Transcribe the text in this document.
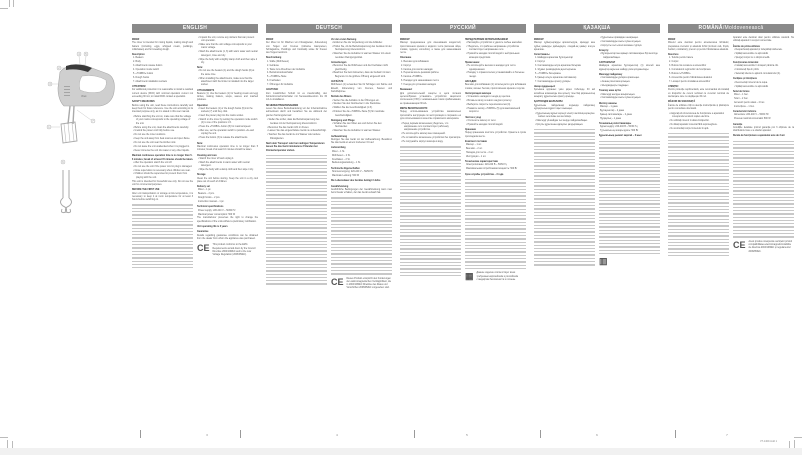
4 5
2
3
7
1
6
Vitek
ENGLISH
MIXER
The mixer is intended for mixing liquids, making dough and batters (including, eggs, whipped cream, puddings, milkshakes) and for kneading dough.
Description
1. Beaters
2. Body
3. Attachment release button
4. Operation mode switch
5. «TURBO» button
6. Dough hooks
7. Attachment installation sockets
ATTENTION!
For additional protection it is reasonable to install a residual current device (RCD) with nominal operation current not exceeding 30 mA; to install RCD contact a specialist.
SAFETY MEASURES
Before using the unit, read these instructions carefully and keep them for future reference. Use the unit according to its intended purpose only, as it is stated in this user manual.
• Before switching the unit on, make sure that the voltage of your mains corresponds to the operating voltage of the unit.
• Before using the unit, clean the attachments carefully.
• Unwind the power cord fully before use.
• Do not use the mixer outdoors.
• Keep the unit away from heat sources and open flame.
• Do not use the unit near the kitchen sink.
• Do not leave the unit unattended when it is plugged in.
• Never immerse the unit into water or any other liquids.
Maximal continuous operation time is no longer than 5-6 minutes; break of at least 15 minutes should be taken.
• After the operation switch the unit off.
• Do not use the unit if the power cord or plug is damaged.
• Close supervision is necessary when children are near.
• Children should be supervised to prevent them from playing with the unit.
This unit is intended for household use only. Do not use the unit for commercial purposes.
BEFORE THE FIRST USE
After unit transportation or storage at low temperature, it is necessary to keep it at room temperature for at least 3 hours before switching on.
• Unpack the unit, remove any stickers that can prevent unit operation.
• Make sure that the unit voltage corresponds to your mains voltage.
• Wash the attachments (1, 6) with warm water and neutral detergent, rinse and dry.
• Wipe the body with a slightly damp cloth and then wipe it dry.
Note:
• Do not use the beaters (1) and the dough hooks (6) at the same time.
• When installing the attachments, make sure that the attachment with the limiter is installed into the larger socket.
ATTACHMENTS
Beaters (1): Use the beaters (1) for beating cream and egg whites, making batters, soups, sauces and mashed potatoes.
Operation
• Insert the beaters (1) or the dough hooks (6) into the sockets (7) until they click.
• Insert the power plug into the mains socket.
• Switch on the mixer by setting the operation mode switch (4) to one of the positions 1-5.
• Press the «TURBO» button (5) for maximal speed.
• After use, set the operation switch to position «0» and unplug the unit.
• Press the button (3) to release the attachments.
Note:
Maximal continuous operation time is no longer than 5 minutes; break of at least 10 minutes should be taken.
Cleaning and care
• Switch the mixer off and unplug it.
• Wash the attachments in warm water with neutral detergent.
• Wipe the body with a damp cloth and then wipe it dry.
Storage
Clean the unit before storing. Keep the unit in a dry cool place out of reach of children.
Delivery set
Mixer – 1 pc.
Beaters – 2 pcs.
Dough hooks – 2 pcs.
Instruction manual – 1 pc.
Technical specifications
Power supply: 220-240 V ~ 50/60 Hz
Maximal power consumption: 500 W
The manufacturer preserves the right to change the specifications of the units without a preliminary notification.
Unit operating life is 3 years
Guarantee
Details regarding guarantee conditions can be obtained from the dealer from whom the appliance was purchased.
CE This product conforms to the EMC-Requirements as laid down by the Council Directive 2004/108/EC and to the Low Voltage Regulation (2006/95/EC).
DEUTSCH
MIXER
Der Mixer ist für Mischen von Flüssigkeiten, Zubereitung von Teigen und Cremes (inklusive Eierspeisen, Schlagsahne, Puddings und Cocktails) sowie für Kneten des Teiges bestimmt.
Beschreibung
1. Stäbe (Rührbesen)
2. Gehäuse
3. Taste zum Abnehmen der Aufsätze
4. Betriebsmodusschalter
5. «TURBO»-Taste
6. Knethaken
7. Öffnungen für Aufsätze
ACHTUNG!
Zum zusätzlichen Schutz ist es zweckmäßig, den Fehlerstromschutzschalter mit Nennauslösestrom bis 30 mA zu installieren.
SICHERHEITSMASSNAHMEN
Lesen Sie diese Betriebsanleitung vor der Inbetriebnahme aufmerksam durch und bewahren Sie sie während der ganzen Nutzungszeit auf.
• Stellen Sie sicher, dass die Betriebsspannung des Gerätes mit der Netzspannung übereinstimmt.
• Benutzen Sie das Gerät nicht im Freien.
• Lassen Sie das eingeschaltete Gerät nie unbeaufsichtigt.
• Tauchen Sie das Gerät nie ins Wasser oder andere Flüssigkeiten.
Nach dem Transport oder bei niedrigen Temperaturen lassen Sie das Gerät mindestens 3 Stunden bei Zimmertemperatur stehen.
Vor der ersten Nutzung
• Entfernen Sie die Verpackung und die Aufkleber.
• Prüfen Sie, ob die Betriebsspannung des Gerätes mit der Netzspannung übereinstimmt.
• Waschen Sie die Aufsätze im warmen Wasser mit einem neutralen Reinigungsmittel.
Anmerkungen
• Benutzen Sie die Rührbesen und die Knethaken nicht gleichzeitig.
• Beachten Sie beim Einsetzen, dass der Aufsatz mit dem Begrenzer in die größere Öffnung eingesetzt wird.
AUFSÄTZE
Rührbesen (1) verwenden Sie für Schlagen von Sahne und Eiweiß, Zubereitung von Cremes, Saucen und Kartoffelpüree.
Betrieb des Mixers
• Setzen Sie die Aufsätze in die Öffnungen ein.
• Stecken Sie den Netzstecker in die Steckdose.
• Wählen Sie die Geschwindigkeit (1-5).
• Drücken Sie die «TURBO»-Taste (5) für maximale Geschwindigkeit.
Reinigung und Pflege
• Schalten Sie den Mixer aus und ziehen Sie den Netzstecker.
• Waschen Sie die Aufsätze im warmen Wasser.
Aufbewahrung
Reinigen Sie das Gerät vor der Aufbewahrung. Bewahren Sie das Gerät an einem trockenen Ort auf.
Lieferumfang
Mixer – 1 St.
Rührbesen – 2 St.
Knethaken – 2 St.
Bedienungsanleitung – 1 St.
Technische Eigenschaften
Stromversorgung: 220-240 V ~ 50/60 Hz
Maximale Leistung: 500 W
Die Lebensdauer des Gerätes beträgt 3 Jahre
Gewährleistung
Ausführliche Bedingungen der Gewährleistung kann man beim Dealer erhalten, der das Gerät verkauft hat.
CE Dieses Produkt entspricht den Forderungen der elektromagnetischen Verträglichkeit, die in 2004/108/EC Direktive des Rates und Vorschriften 2006/95/EC vorgesehen sind.
РУССКИЙ
МИКСЕР
Миксер предназначен для смешивания жидкостей, приготовления кремов и жидкого теста (включая яйца, сливки, пудинги, коктейли), а также для замешивания теста.
Описание
1. Венчики для взбивания
2. Корпус
3. Кнопка для снятия насадок
4. Переключатель режимов работы
5. Кнопка «TURBO»
6. Насадки для замешивания теста
7. Гнезда для установки насадок
Внимание!
Для дополнительной защиты в цепи питания целесообразно установить устройство защитного отключения (УЗО) с номинальным током срабатывания, не превышающим 30 мА.
МЕРЫ БЕЗОПАСНОСТИ
Перед использованием устройства внимательно прочитайте инструкцию по эксплуатации и сохраните её для использования в качестве справочного материала.
• Перед первым включением убедитесь, что напряжение сети соответствует рабочему напряжению устройства.
• Не используйте миксер вне помещений.
• Не оставляйте включённое устройство без присмотра.
• Не погружайте корпус миксера в воду.
ПЕРЕД ПЕРВЫМ ИСПОЛЬЗОВАНИЕМ
• Распакуйте устройство и удалите любые наклейки.
• Убедитесь, что рабочее напряжение устройства соответствует напряжению сети.
• Промойте насадки тёплой водой с нейтральным моющим средством.
Примечание:
• Не используйте венчики и насадки для теста одновременно.
• Насадку с ограничителем устанавливайте в большее гнездо.
НАСАДКИ
Венчики для взбивания (1) используются для взбивания сливок, яичных белков, приготовления кремов и соусов.
Эксплуатация миксера
• Установите насадки в гнезда до щелчка.
• Вставьте вилку сетевого шнура в розетку.
• Выберите скорость переключателем (4).
• Нажмите кнопку «TURBO» (5) для максимальной скорости.
Чистка и уход
• Отключите миксер от сети.
• Промойте насадки тёплой водой.
Хранение
Перед хранением очистите устройство. Храните в сухом прохладном месте.
Комплект поставки
Миксер – 1 шт.
Венчики – 2 шт.
Насадки для теста – 2 шт.
Инструкция – 1 шт.
Технические характеристики
Электропитание: 220-240 В ~ 50/60 Гц
Максимальная потребляемая мощность: 500 Вт
Срок службы устройства – 3 года
▦ Данное изделие соответствует всем требуемым европейским и российским стандартам безопасности и гигиены.
ҚАЗАҚША
МИКСЕР
Миксер сұйықтықтарды араластыруға, кремдер мен сұйық қамырды дайындауға, сондай-ақ қамыр илеуге арналған.
Сипаттамасы
1. Шайқауға арналған бұлғауыштар
2. Корпус
3. Саптамаларды алуға арналған батырма
4. Жұмыс режимдерінің ауыстырғышы
5. «TURBO» батырмасы
6. Қамыр илеуге арналған саптамалар
7. Саптамаларды орнату ұялары
Назар аударыңыз!
Қосымша қорғаныс үшін қорек тізбегінде 30 мА аспайтын номиналды іске қосылу тоғы бар қорғаныштық ажырату құрылғысын орнату орынды.
ҚАУІПСІЗДІК ШАРАЛАРЫ
Құрылғыны пайдаланар алдында пайдалану нұсқаулығын мұқият оқып шығыңыз.
• Құрылғының жұмыс кернеуі электр желісінің кернеуіне сәйкес келетініне көз жеткізіңіз.
• Миксерді үй-жайдан тыс жерде пайдаланбаңыз.
• Қосулы құрылғыны қараусыз қалдырмаңыз.
• Құрылғыны орамадан шығарыңыз.
• Саптамаларды жылы сумен жуыңыз.
• Корпусты сәл ылғал матамен сүртіңіз.
Ескерту:
• Бұлғауыштар мен қамыр саптамаларын бір мезгілде пайдаланбаңыз.
САПТАМАЛАР
Шайқауға арналған бұлғауыштар (1) кілегей мен жұмыртқа ақуызын шайқау үшін қолданылады.
Миксерді пайдалану
• Саптамаларды ұяларға орнатыңыз.
• Ашаны розеткаға қосыңыз.
• Жылдамдықты таңдаңыз.
Тазалау және күтім
• Миксерді желіден ажыратыңыз.
• Саптамаларды жылы сумен жуыңыз.
Жеткізу жинағы
Миксер – 1 дана
Бұлғауыштар – 2 дана
Қамыр саптамалары – 2 дана
Нұсқаулық – 1 дана
Техникалық сипаттамалары
Қоректендіру: 220-240 В ~ 50/60 Гц
Тұтынатын ең жоғары қуаты: 500 Вт
Құрылғының қызмет мерзімі – 3 жыл
▥
ROMÂNĂ/Moldovenească
MIXER
Mixerul este destinat pentru amestecarea lichidelor, prepararea cremelor și aluatului lichid (inclusiv ouă, frișcă, budinci, cocktailuri), precum și pentru frământarea aluatului.
Descriere
1. Telurile pentru batere
2. Corpul
3. Butonul de scoatere a accesoriilor
4. Comutatorul regimurilor de funcționare
5. Butonul «TURBO»
6. Accesoriile pentru frământarea aluatului
7. Locașuri pentru instalarea accesoriilor
ATENȚIE!
Pentru protecție suplimentară, este recomandat să instalați un dispozitiv de curent rezidual cu curentul nominal de declanșare care nu depășește 30 mA.
MĂSURI DE SIGURANȚĂ
Înainte de utilizare citiți cu atenție instrucțiunile și păstrați-le pentru consultare ulterioară.
• Asigurați-vă că tensiunea de funcționare a aparatului corespunde tensiunii rețelei electrice.
• Nu utilizați mixerul în afara încăperilor.
• Nu lăsați aparatul conectat fără supraveghere.
• Nu scufundați corpul mixerului în apă.
Aparatul este destinat doar pentru utilizare casnică. Nu utilizați aparatul în scopuri comerciale.
Înainte de prima utilizare
• Despachetați aparatul și îndepărtați stickerele.
• Spălați accesoriile cu apă caldă.
• Ștergeți corpul cu o cârpă umedă.
Funcționarea mixerului
• Instalați accesoriile în locașuri până la clic.
• Introduceți fișa în priză.
• Selectați viteza cu ajutorul comutatorului (4).
Curățare și întreținere
• Deconectați mixerul de la rețea.
• Spălați accesoriile cu apă caldă.
Setul de livrare
Mixer – 1 buc.
Teluri – 2 buc.
Accesorii pentru aluat – 2 buc.
Instrucțiune – 1 buc.
Caracteristici tehnice
Alimentare: 220-240 V ~ 50/60 Hz
Puterea maximă consumată: 500 W
Garanție
Condițiile detaliate privind garanția pot fi obținute de la distribuitorul care v-a vândut aparatul.
Durata de funcționare a aparatului este de 3 ani
CE Acest produs corespunde cerințelor privind compatibilitatea electromagnetică stabilite de directiva 2004/108/EC și regulamentul 2006/95/EC.
3	4	5	6	7
VT-1409.indd 1
